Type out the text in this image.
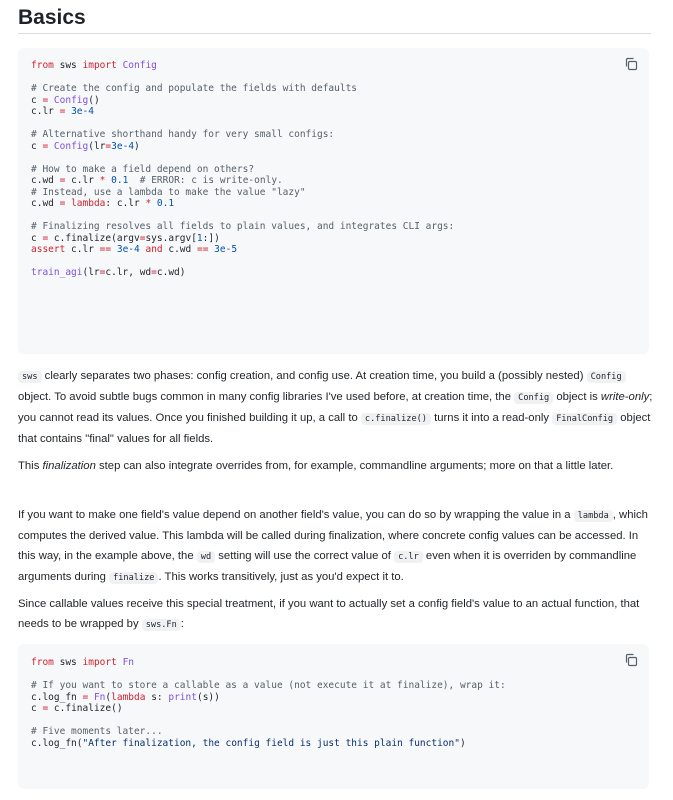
Basics
from sws import Config
# Create the config and populate the fields with defaults
c = Config()
c.lr = 3e-4
# Alternative shorthand handy for very small configs:
c = Config(lr=3e-4)
# How to make a field depend on others?
c.wd = c.lr * 0.1 # ERROR: c is write-only.
# Instead, use a lambda to make the value "lazy"
c.wd = lambda: c.lr * 0.1
# Finalizing resolves all fields to plain values, and integrates CLI args:
c = c.finalize(argv=sys.argv[1:])
assert c.lr == 3e-4 and c.wd == 3e-5
train_agi(lr=c.lr, wd=c.wd)

sws clearly separates two phases: config creation, and config use. At creation time, you build a (possibly nested) Config object. To avoid subtle bugs common in many config libraries I've used before, at creation time, the Config object is write-only; you cannot read its values. Once you finished building it up, a call to c.finalize() turns it into a read-only FinalConfig object that contains "final" values for all fields.

This finalization step can also integrate overrides from, for example, commandline arguments; more on that a little later.

If you want to make one field's value depend on another field's value, you can do so by wrapping the value in a lambda , which computes the derived value. This lambda will be called during finalization, where concrete config values can be accessed. In this way, in the example above, the wd setting will use the correct value of c.lr even when it is overriden by commandline arguments during finalize . This works transitively, just as you'd expect it to.

Since callable values receive this special treatment, if you want to actually set a config field's value to an actual function, that needs to be wrapped by sws.Fn :

from sws import Fn
# If you want to store a callable as a value (not execute it at finalize), wrap it:
c.log_fn = Fn(lambda s: print(s))
c = c.finalize()
# Five moments later...
c.log_fn("After finalization, the config field is just this plain function")
